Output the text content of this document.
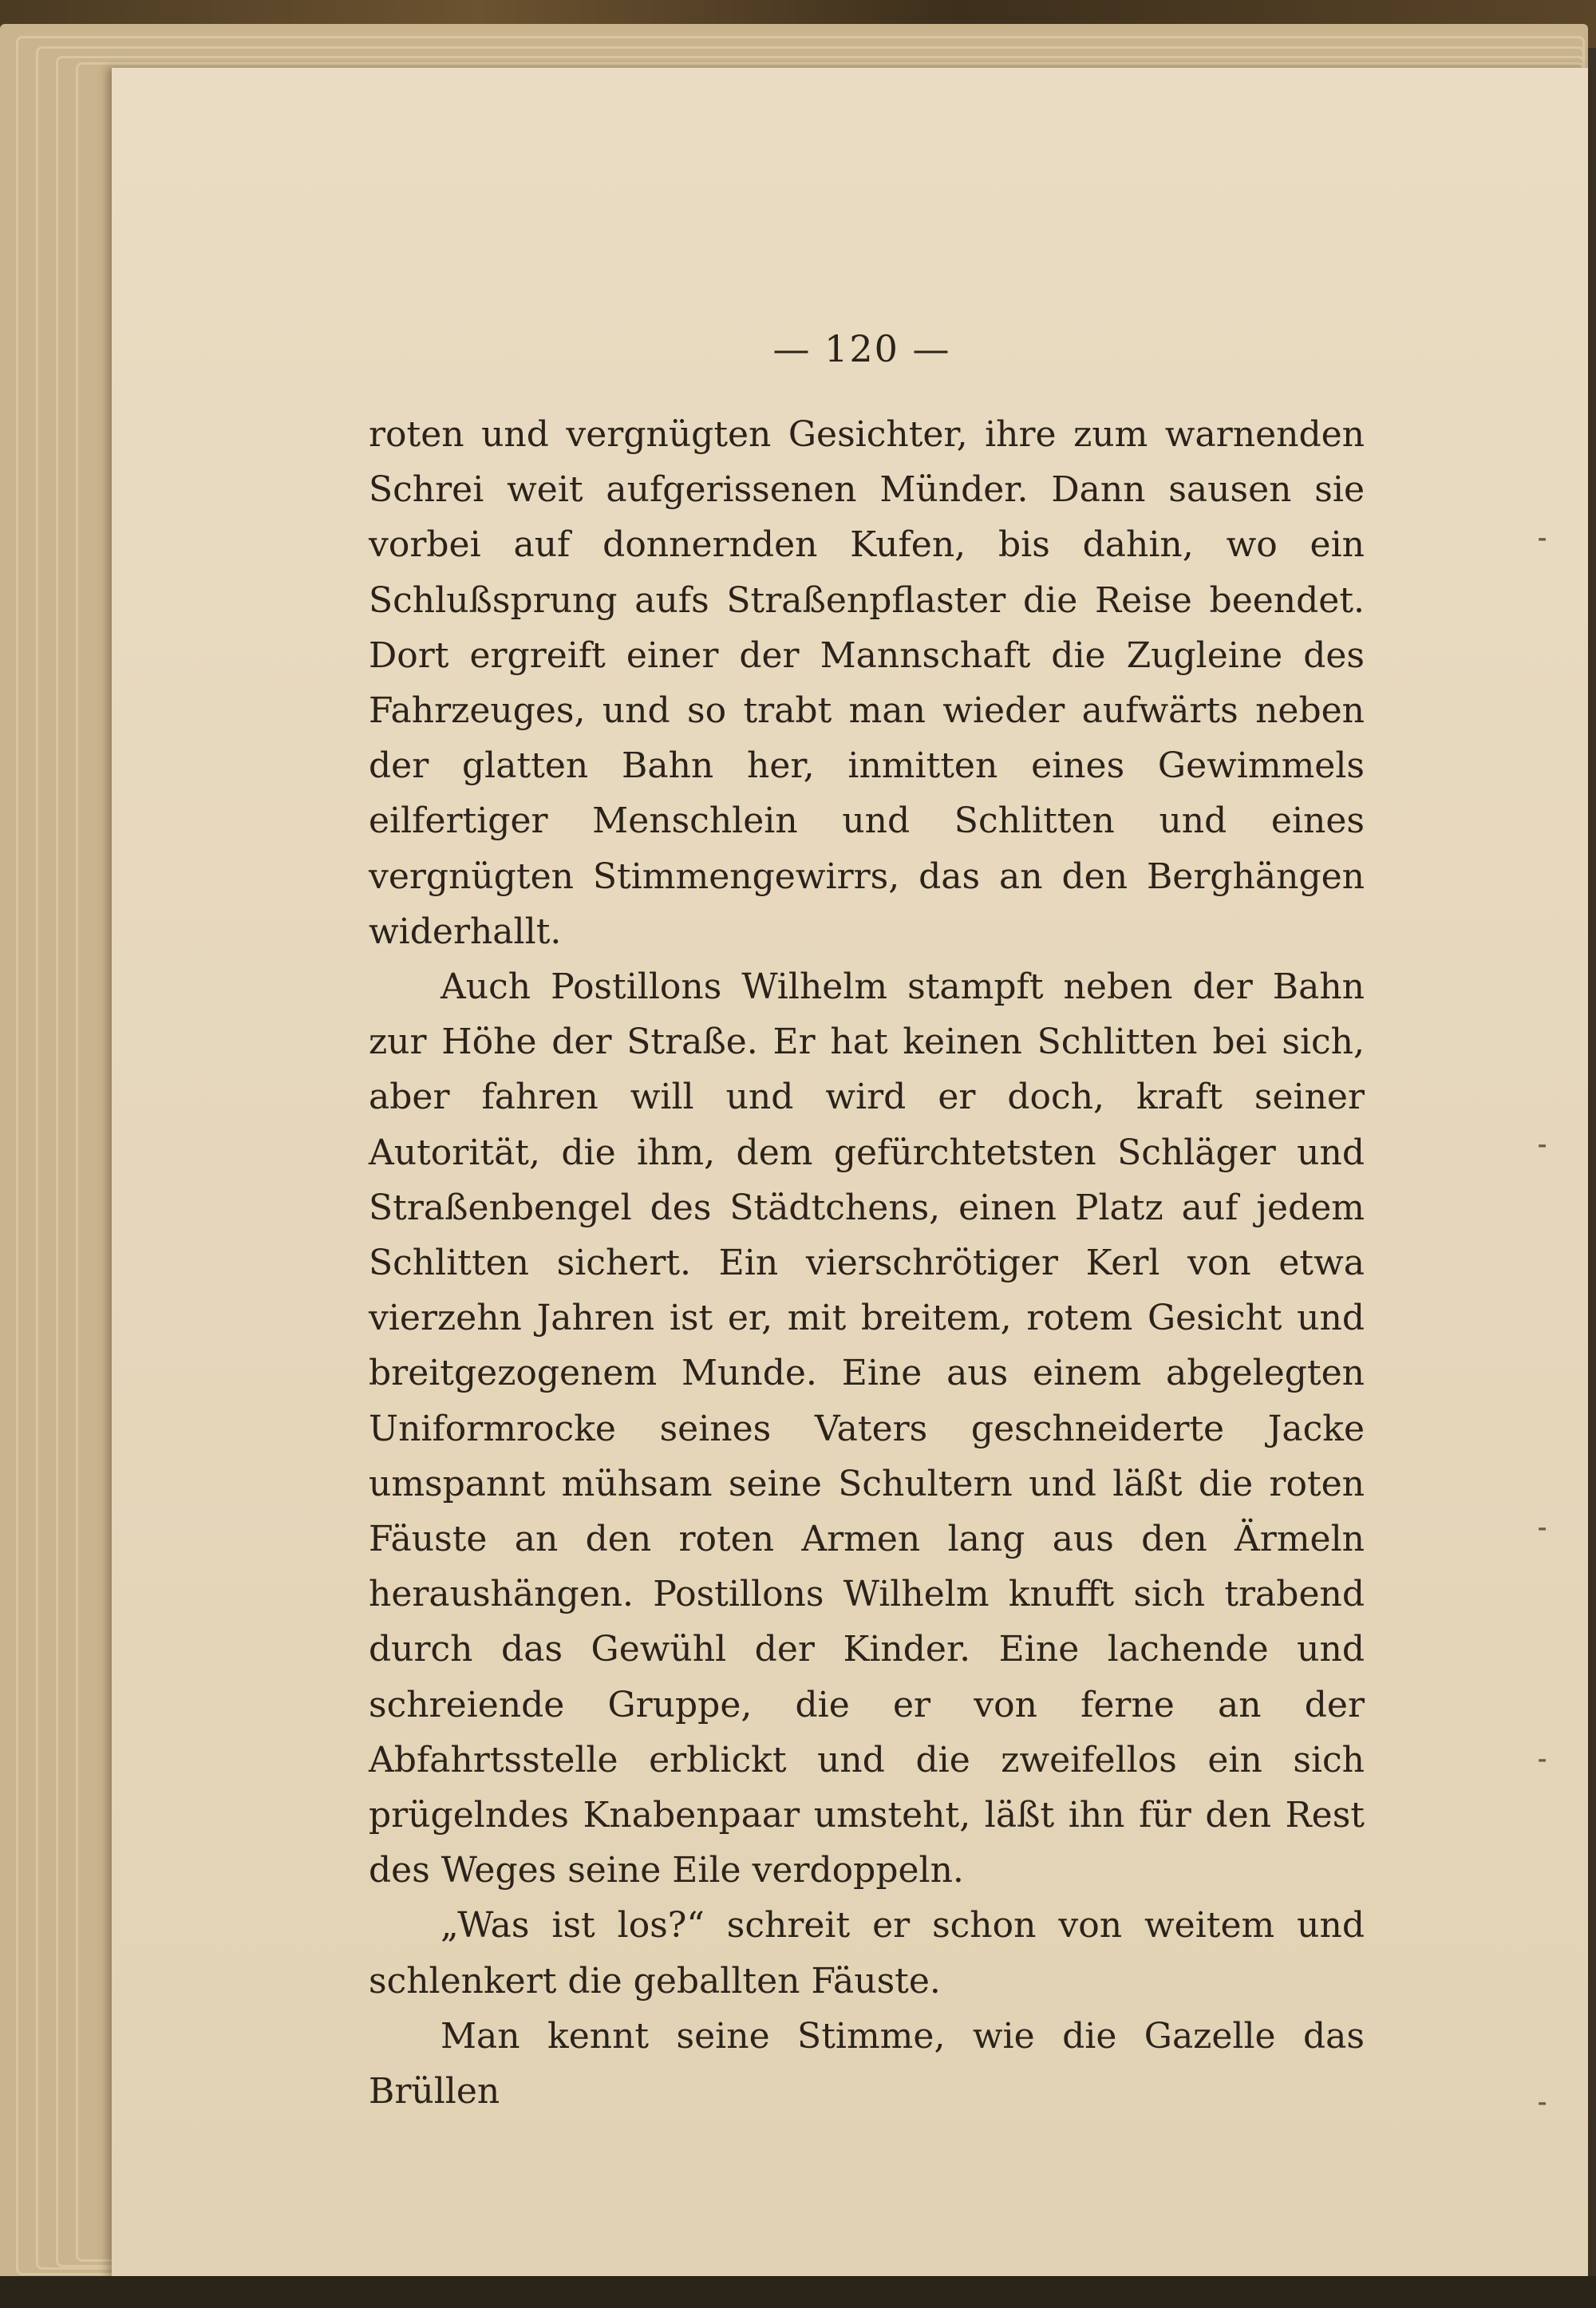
— 120 —

roten und vergnügten Gesichter, ihre zum warnenden Schrei weit aufgerissenen Münder. Dann sausen sie vorbei auf donnernden Kufen, bis dahin, wo ein Schlußsprung aufs Straßenpflaster die Reise beendet. Dort ergreift einer der Mannschaft die Zugleine des Fahrzeuges, und so trabt man wieder aufwärts neben der glatten Bahn her, inmitten eines Gewimmels eilfertiger Menschlein und Schlitten und eines vergnügten Stimmengewirrs, das an den Berghängen widerhallt.

Auch Postillons Wilhelm stampft neben der Bahn zur Höhe der Straße. Er hat keinen Schlitten bei sich, aber fahren will und wird er doch, kraft seiner Autorität, die ihm, dem gefürchtetsten Schläger und Straßenbengel des Städtchens, einen Platz auf jedem Schlitten sichert. Ein vierschrötiger Kerl von etwa vierzehn Jahren ist er, mit breitem, rotem Gesicht und breitgezogenem Munde. Eine aus einem abgelegten Uniformrocke seines Vaters geschneiderte Jacke umspannt mühsam seine Schultern und läßt die roten Fäuste an den roten Armen lang aus den Ärmeln heraushängen. Postillons Wilhelm knufft sich trabend durch das Gewühl der Kinder. Eine lachende und schreiende Gruppe, die er von ferne an der Abfahrtsstelle erblickt und die zweifellos ein sich prügelndes Knabenpaar umsteht, läßt ihn für den Rest des Weges seine Eile verdoppeln.

„Was ist los?“ schreit er schon von weitem und schlenkert die geballten Fäuste.

Man kennt seine Stimme, wie die Gazelle das Brüllen

⁃
⁃
⁃
⁃
⁃
